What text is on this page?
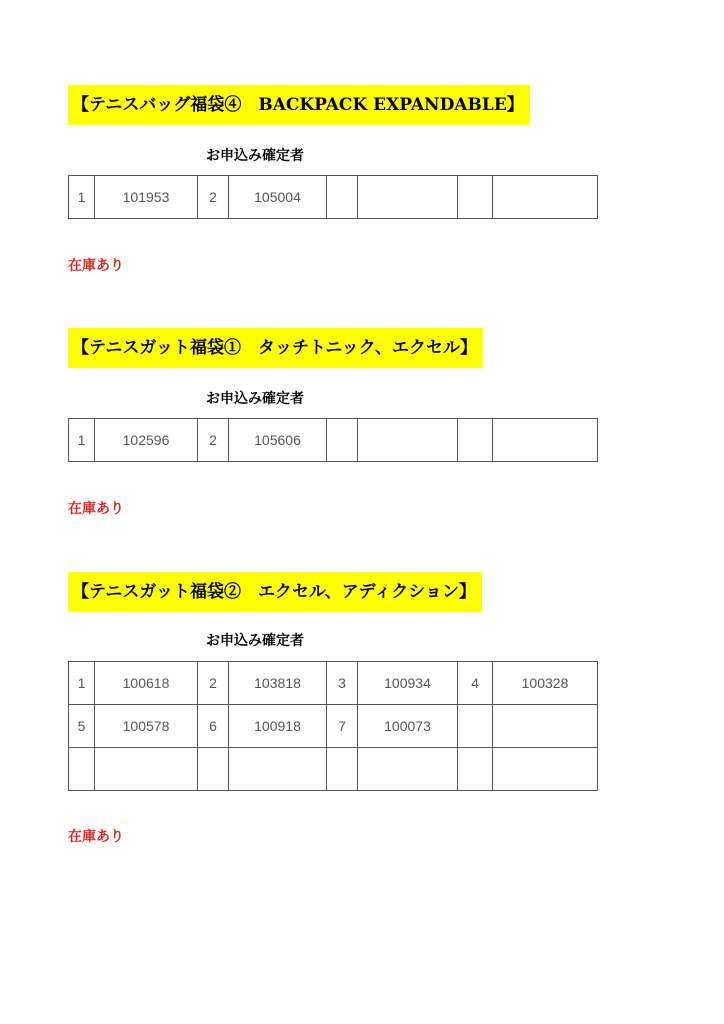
【テニスバッグ福袋④　BACKPACK EXPANDABLE】
お申込み確定者
1	101953	2	105004				
在庫あり
【テニスガット福袋①　タッチトニック、エクセル】
お申込み確定者
1	102596	2	105606				
在庫あり
【テニスガット福袋②　エクセル、アディクション】
お申込み確定者
1	100618	2	103818	3	100934	4	100328
5	100578	6	100918	7	100073		

在庫あり
